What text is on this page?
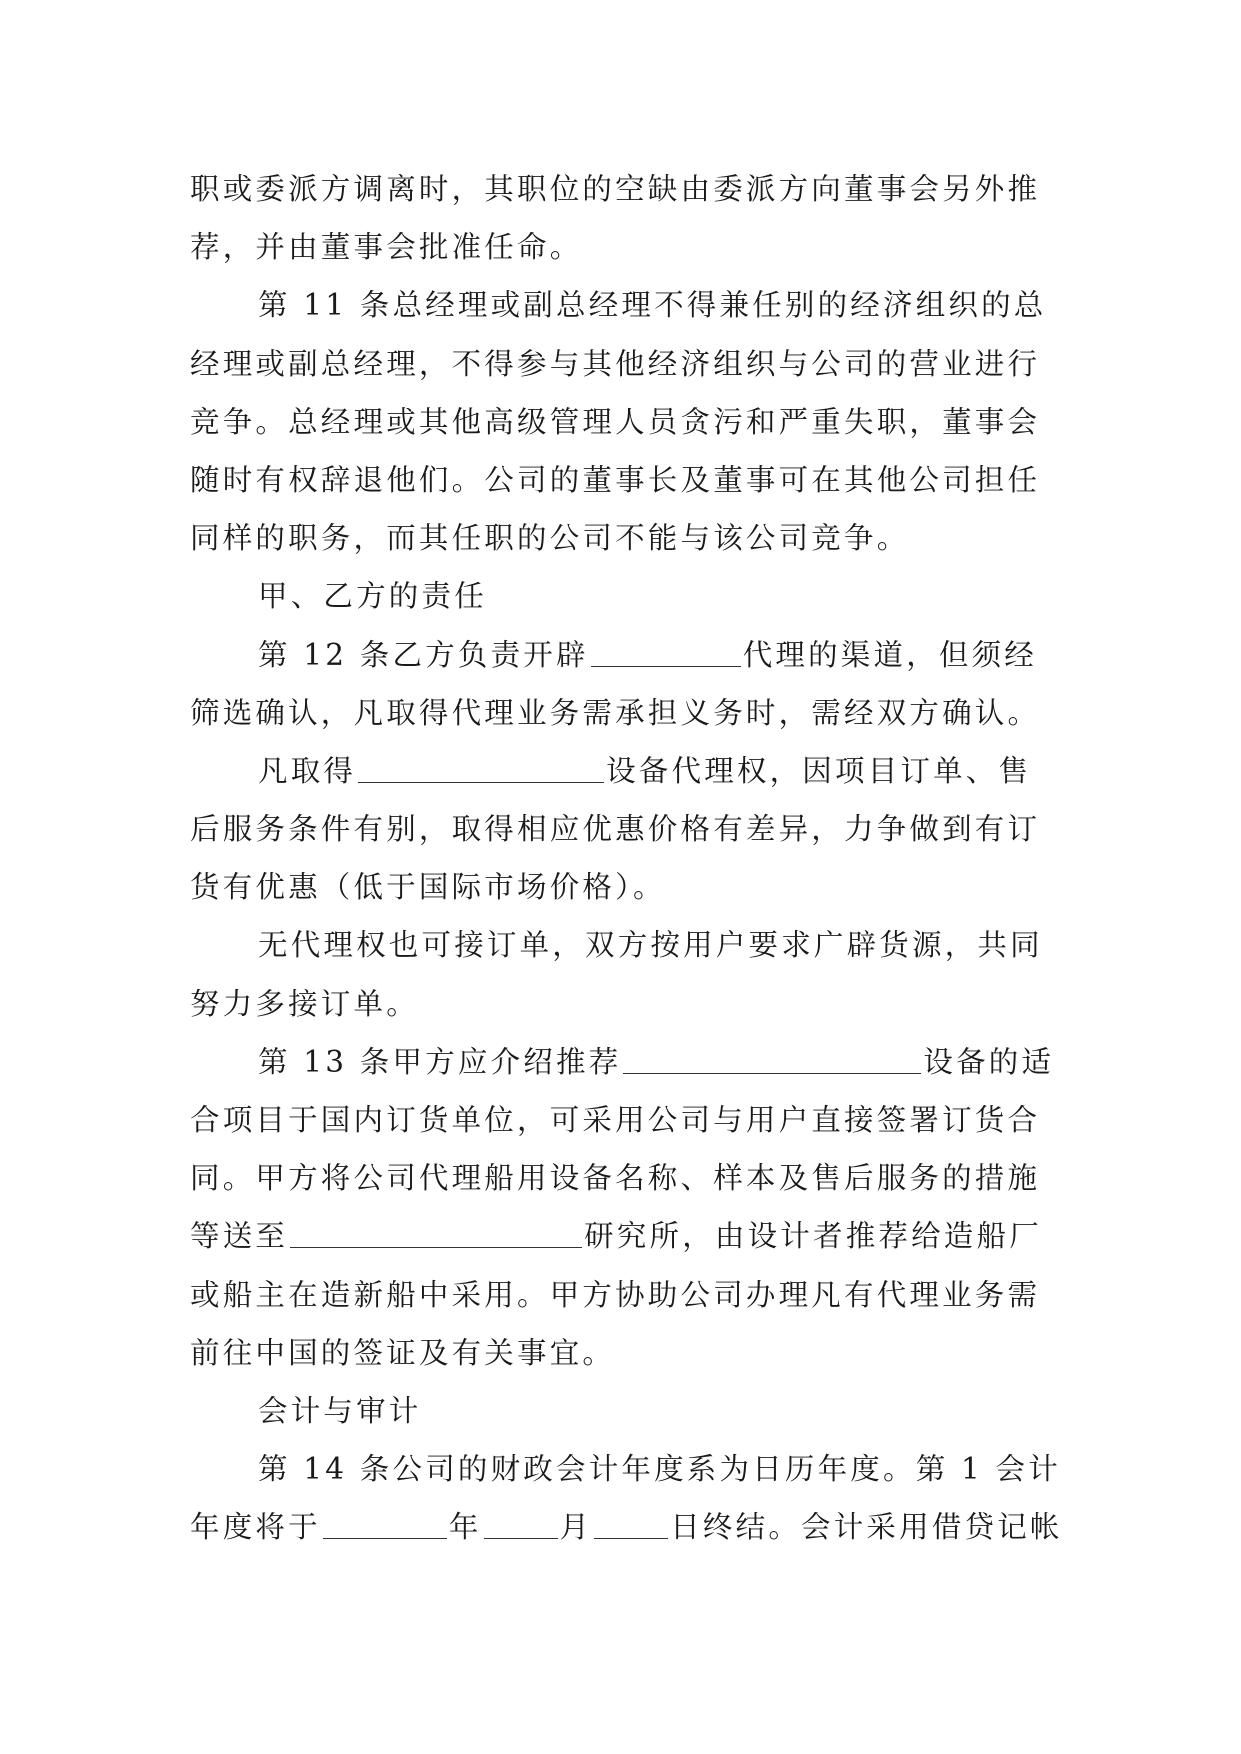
职或委派方调离时，其职位的空缺由委派方向董事会另外推
荐，并由董事会批准任命。
第 11 条总经理或副总经理不得兼任别的经济组织的总
经理或副总经理，不得参与其他经济组织与公司的营业进行
竞争。总经理或其他高级管理人员贪污和严重失职，董事会
随时有权辞退他们。公司的董事长及董事可在其他公司担任
同样的职务，而其任职的公司不能与该公司竞争。
甲、乙方的责任
第 12 条乙方负责开辟	代理的渠道，但须经
筛选确认，凡取得代理业务需承担义务时，需经双方确认。
凡取得	设备代理权，因项目订单、售
后服务条件有别，取得相应优惠价格有差异，力争做到有订
货有优惠（低于国际市场价格）。
无代理权也可接订单，双方按用户要求广辟货源，共同
努力多接订单。
第 13 条甲方应介绍推荐	设备的适
合项目于国内订货单位，可采用公司与用户直接签署订货合
同。甲方将公司代理船用设备名称、样本及售后服务的措施
等送至	研究所，由设计者推荐给造船厂
或船主在造新船中采用。甲方协助公司办理凡有代理业务需
前往中国的签证及有关事宜。
会计与审计
第 14 条公司的财政会计年度系为日历年度。第 1 会计
年度将于	年	月	日终结。会计采用借贷记帐
